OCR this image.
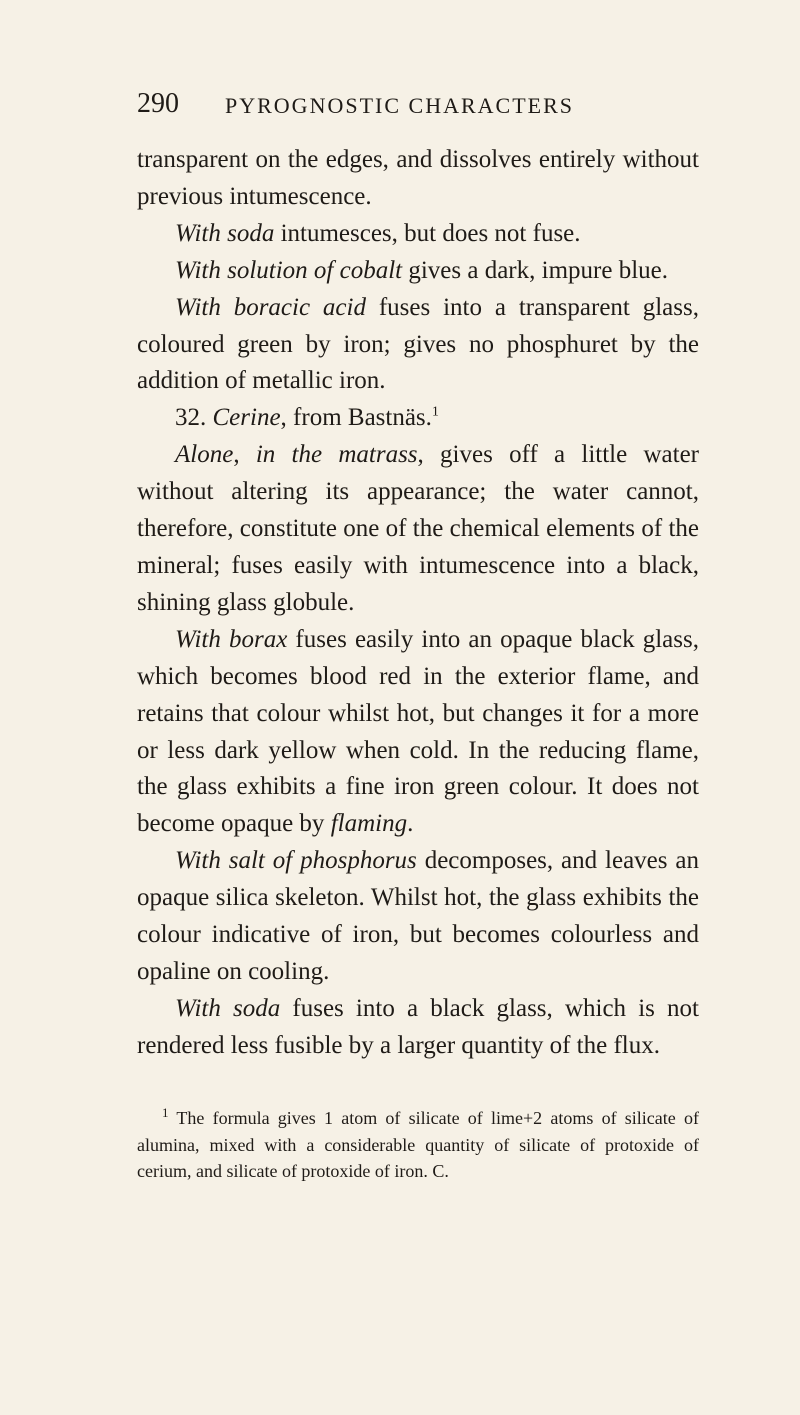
290 PYROGNOSTIC CHARACTERS

transparent on the edges, and dissolves entirely without previous intumescence.

With soda intumesces, but does not fuse.

With solution of cobalt gives a dark, impure blue.

With boracic acid fuses into a transparent glass, coloured green by iron; gives no phosphuret by the addition of metallic iron.

32. Cerine, from Bastnäs.$^1$

Alone, in the matrass, gives off a little water without altering its appearance; the water cannot, therefore, constitute one of the chemical elements of the mineral; fuses easily with intumescence into a black, shining glass globule.

With borax fuses easily into an opaque black glass, which becomes blood red in the exterior flame, and retains that colour whilst hot, but changes it for a more or less dark yellow when cold. In the reducing flame, the glass exhibits a fine iron green colour. It does not become opaque by flaming.

With salt of phosphorus decomposes, and leaves an opaque silica skeleton. Whilst hot, the glass exhibits the colour indicative of iron, but becomes colourless and opaline on cooling.

With soda fuses into a black glass, which is not rendered less fusible by a larger quantity of the flux.

$^1$ The formula gives 1 atom of silicate of lime+2 atoms of silicate of alumina, mixed with a considerable quantity of silicate of protoxide of cerium, and silicate of protoxide of iron. C.
